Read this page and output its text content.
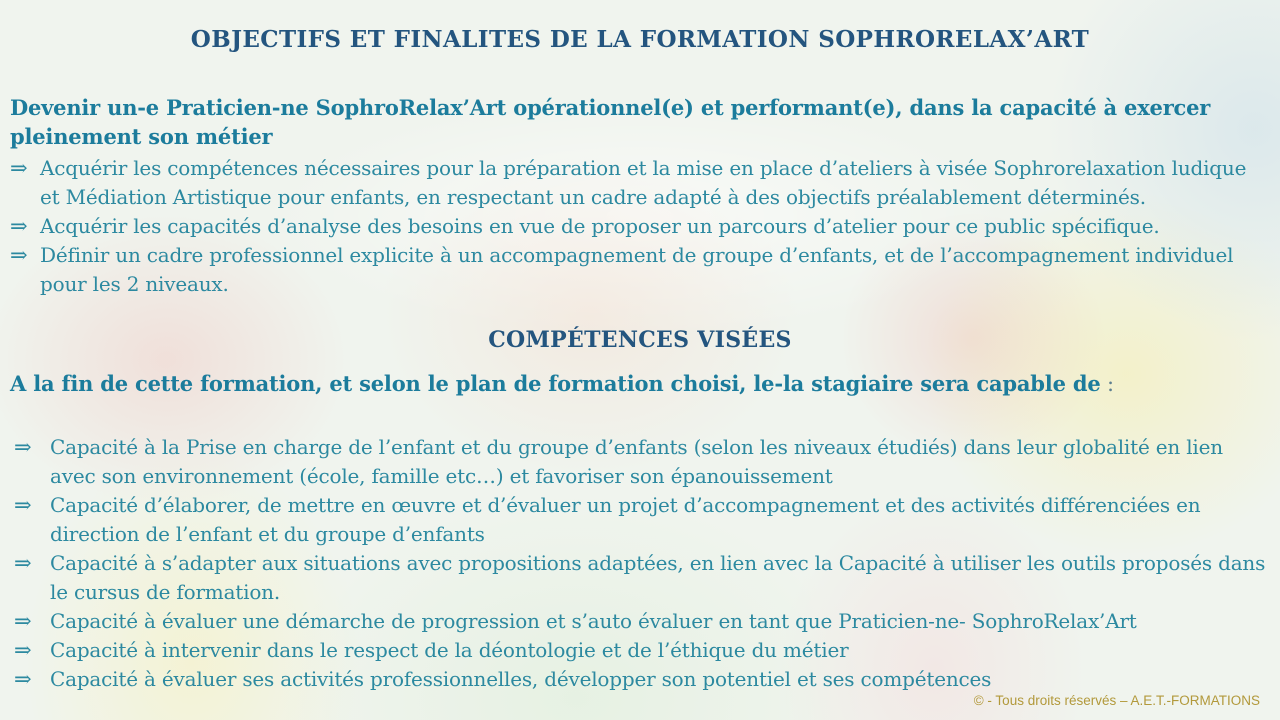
OBJECTIFS ET FINALITES DE LA FORMATION SOPHRORELAX’ART
Devenir un-e Praticien-ne SophroRelax’Art opérationnel(e) et performant(e), dans la capacité à exercer pleinement son métier
⇒ Acquérir les compétences nécessaires pour la préparation et la mise en place d’ateliers à visée Sophrorelaxation ludique et Médiation Artistique pour enfants, en respectant un cadre adapté à des objectifs préalablement déterminés.
⇒ Acquérir les capacités d’analyse des besoins en vue de proposer un parcours d’atelier pour ce public spécifique.
⇒ Définir un cadre professionnel explicite à un accompagnement de groupe d’enfants, et de l’accompagnement individuel pour les 2 niveaux.
COMPÉTENCES VISÉES
A la fin de cette formation, et selon le plan de formation choisi, le-la stagiaire sera capable de :
⇒ Capacité à la Prise en charge de l’enfant et du groupe d’enfants (selon les niveaux étudiés) dans leur globalité en lien avec son environnement (école, famille etc…) et favoriser son épanouissement
⇒ Capacité d’élaborer, de mettre en œuvre et d’évaluer un projet d’accompagnement et des activités différenciées en direction de l’enfant et du groupe d’enfants
⇒ Capacité à s’adapter aux situations avec propositions adaptées, en lien avec la Capacité à utiliser les outils proposés dans le cursus de formation.
⇒ Capacité à évaluer une démarche de progression et s’auto évaluer en tant que Praticien-ne- SophroRelax’Art
⇒ Capacité à intervenir dans le respect de la déontologie et de l’éthique du métier
⇒ Capacité à évaluer ses activités professionnelles, développer son potentiel et ses compétences
© - Tous droits réservés – A.E.T.-FORMATIONS
